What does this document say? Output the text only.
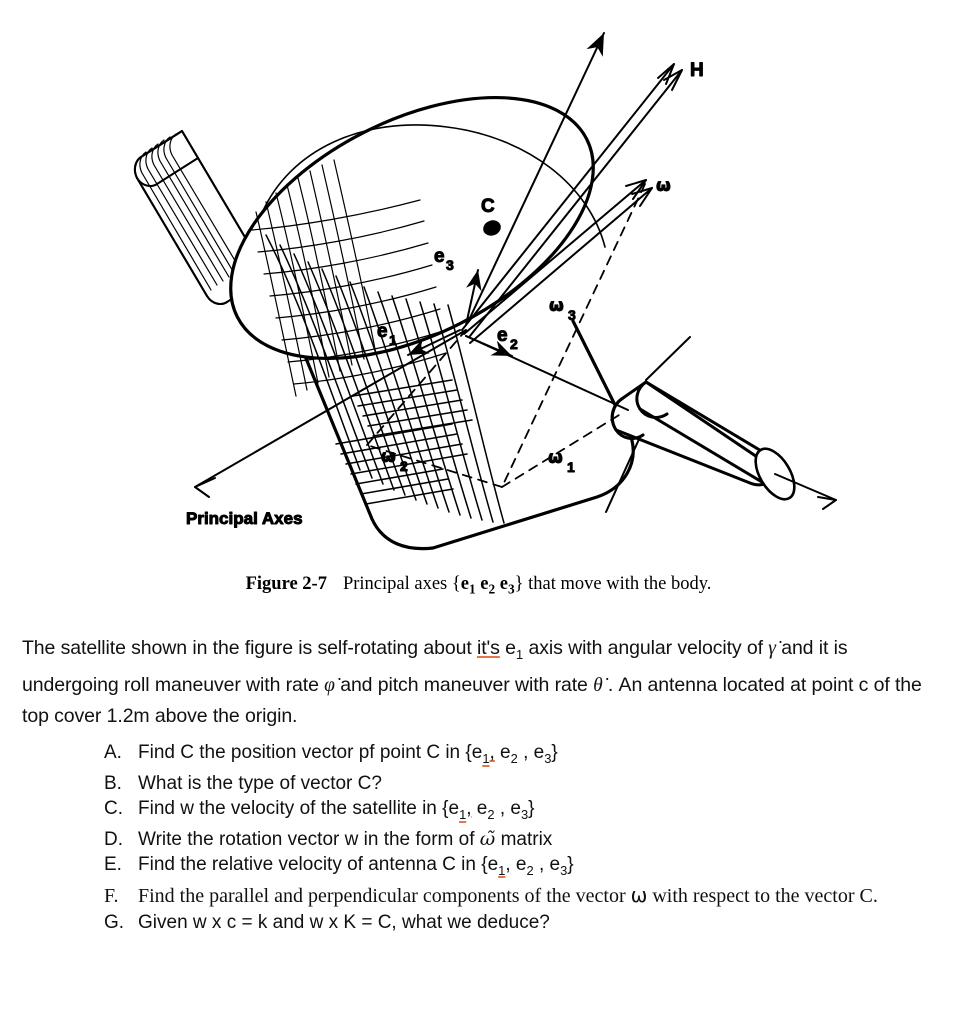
H
ω
C
e 3
e 1	e 2
ω 3
ω 2	ω 1
Principal Axes
Figure 2-7 Principal axes {$e_1$ $e_2$ $e_3$} that move with the body.
The satellite shown in the figure is self-rotating about it's $e_1$ axis with angular velocity of γ̇ and it is undergoing roll maneuver with rate φ̇ and pitch maneuver with rate θ̇ . An antenna located at point c of the top cover 1.2m above the origin.
A. Find C the position vector pf point C in {$e_1$, $e_2$ , $e_3$}
B. What is the type of vector C?
C. Find w the velocity of the satellite in {$e_1$, $e_2$ , $e_3$}
D. Write the rotation vector w in the form of ω̃ matrix
E. Find the relative velocity of antenna C in {$e_1$, $e_2$ , $e_3$}
F. Find the parallel and perpendicular components of the vector ω with respect to the vector C.
G. Given w x c = k and w x K = C, what we deduce?
